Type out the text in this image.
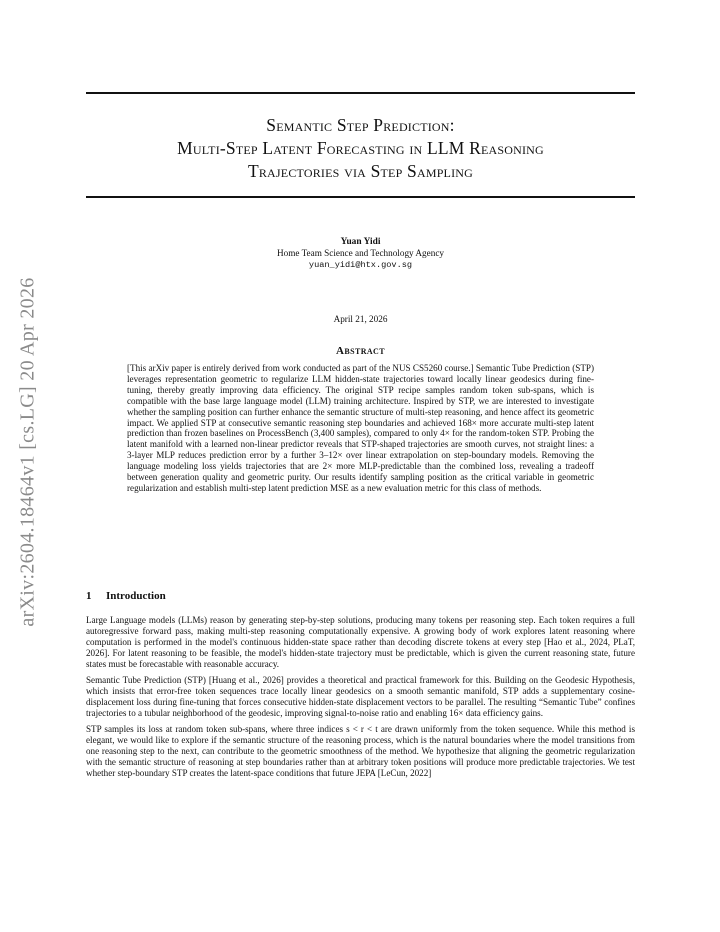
Semantic Step Prediction:
Multi-Step Latent Forecasting in LLM Reasoning
Trajectories via Step Sampling
arXiv:2604.18464v1 [cs.LG] 20 Apr 2026
Yuan Yidi
Home Team Science and Technology Agency
yuan_yidi@htx.gov.sg
April 21, 2026
Abstract
[This arXiv paper is entirely derived from work conducted as part of the NUS CS5260 course.] Semantic Tube Prediction (STP) leverages representation geometric to regularize LLM hidden-state trajectories toward locally linear geodesics during fine-tuning, thereby greatly improving data efficiency. The original STP recipe samples random token sub-spans, which is compatible with the base large language model (LLM) training architecture. Inspired by STP, we are interested to investigate whether the sampling position can further enhance the semantic structure of multi-step reasoning, and hence affect its geometric impact. We applied STP at consecutive semantic reasoning step boundaries and achieved 168× more accurate multi-step latent prediction than frozen baselines on ProcessBench (3,400 samples), compared to only 4× for the random-token STP. Probing the latent manifold with a learned non-linear predictor reveals that STP-shaped trajectories are smooth curves, not straight lines: a 3-layer MLP reduces prediction error by a further 3–12× over linear extrapolation on step-boundary models. Removing the language modeling loss yields trajectories that are 2× more MLP-predictable than the combined loss, revealing a tradeoff between generation quality and geometric purity. Our results identify sampling position as the critical variable in geometric regularization and establish multi-step latent prediction MSE as a new evaluation metric for this class of methods.
1 Introduction

Large Language models (LLMs) reason by generating step-by-step solutions, producing many tokens per reasoning step. Each token requires a full autoregressive forward pass, making multi-step reasoning computationally expensive. A growing body of work explores latent reasoning where computation is performed in the model's continuous hidden-state space rather than decoding discrete tokens at every step [Hao et al., 2024, PLaT, 2026]. For latent reasoning to be feasible, the model's hidden-state trajectory must be predictable, which is given the current reasoning state, future states must be forecastable with reasonable accuracy.

Semantic Tube Prediction (STP) [Huang et al., 2026] provides a theoretical and practical framework for this. Building on the Geodesic Hypothesis, which insists that error-free token sequences trace locally linear geodesics on a smooth semantic manifold, STP adds a supplementary cosine-displacement loss during fine-tuning that forces consecutive hidden-state displacement vectors to be parallel. The resulting “Semantic Tube” confines trajectories to a tubular neighborhood of the geodesic, improving signal-to-noise ratio and enabling 16× data efficiency gains.

STP samples its loss at random token sub-spans, where three indices s < r < t are drawn uniformly from the token sequence. While this method is elegant, we would like to explore if the semantic structure of the reasoning process, which is the natural boundaries where the model transitions from one reasoning step to the next, can contribute to the geometric smoothness of the method. We hypothesize that aligning the geometric regularization with the semantic structure of reasoning at step boundaries rather than at arbitrary token positions will produce more predictable trajectories. We test whether step-boundary STP creates the latent-space conditions that future JEPA [LeCun, 2022]
